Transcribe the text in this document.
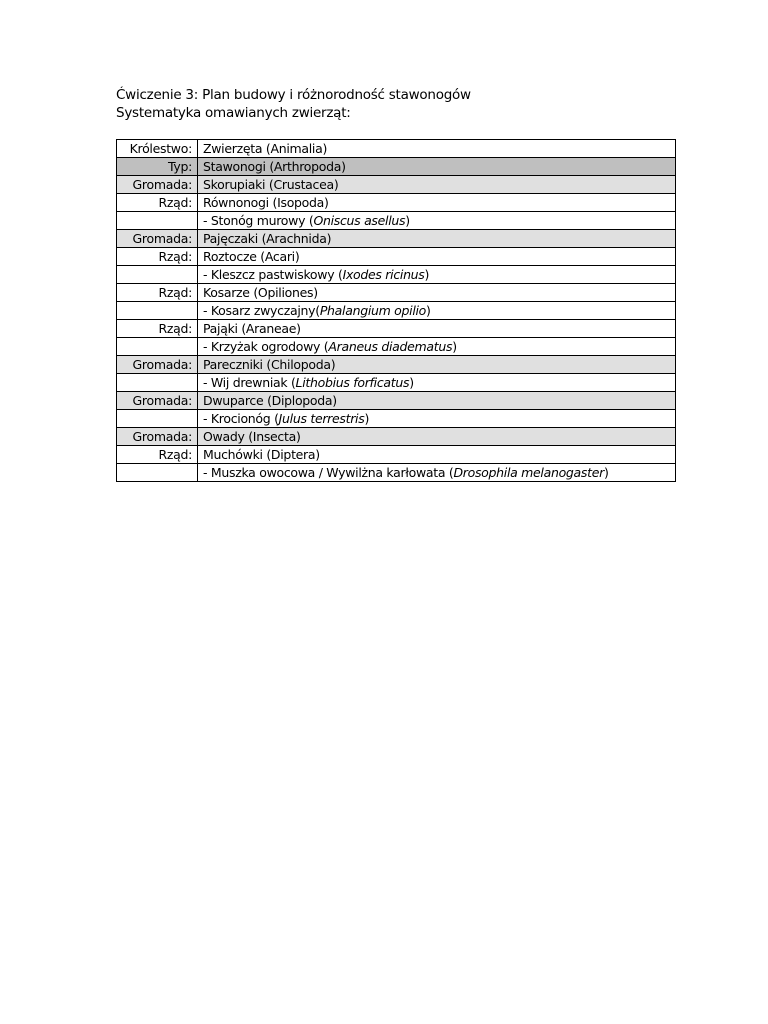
Ćwiczenie 3: Plan budowy i różnorodność stawonogów
Systematyka omawianych zwierząt:
Królestwo:	Zwierzęta (Animalia)
Typ:	Stawonogi (Arthropoda)
Gromada:	Skorupiaki (Crustacea)
Rząd:	Równonogi (Isopoda)
	- Stonóg murowy (Oniscus asellus)
Gromada:	Pajęczaki (Arachnida)
Rząd:	Roztocze (Acari)
	- Kleszcz pastwiskowy (Ixodes ricinus)
Rząd:	Kosarze (Opiliones)
	- Kosarz zwyczajny(Phalangium opilio)
Rząd:	Pająki (Araneae)
	- Krzyżak ogrodowy (Araneus diadematus)
Gromada:	Pareczniki (Chilopoda)
	- Wij drewniak (Lithobius forficatus)
Gromada:	Dwuparce (Diplopoda)
	- Krocionóg (Julus terrestris)
Gromada:	Owady (Insecta)
Rząd:	Muchówki (Diptera)
	- Muszka owocowa / Wywilżna karłowata (Drosophila melanogaster)
